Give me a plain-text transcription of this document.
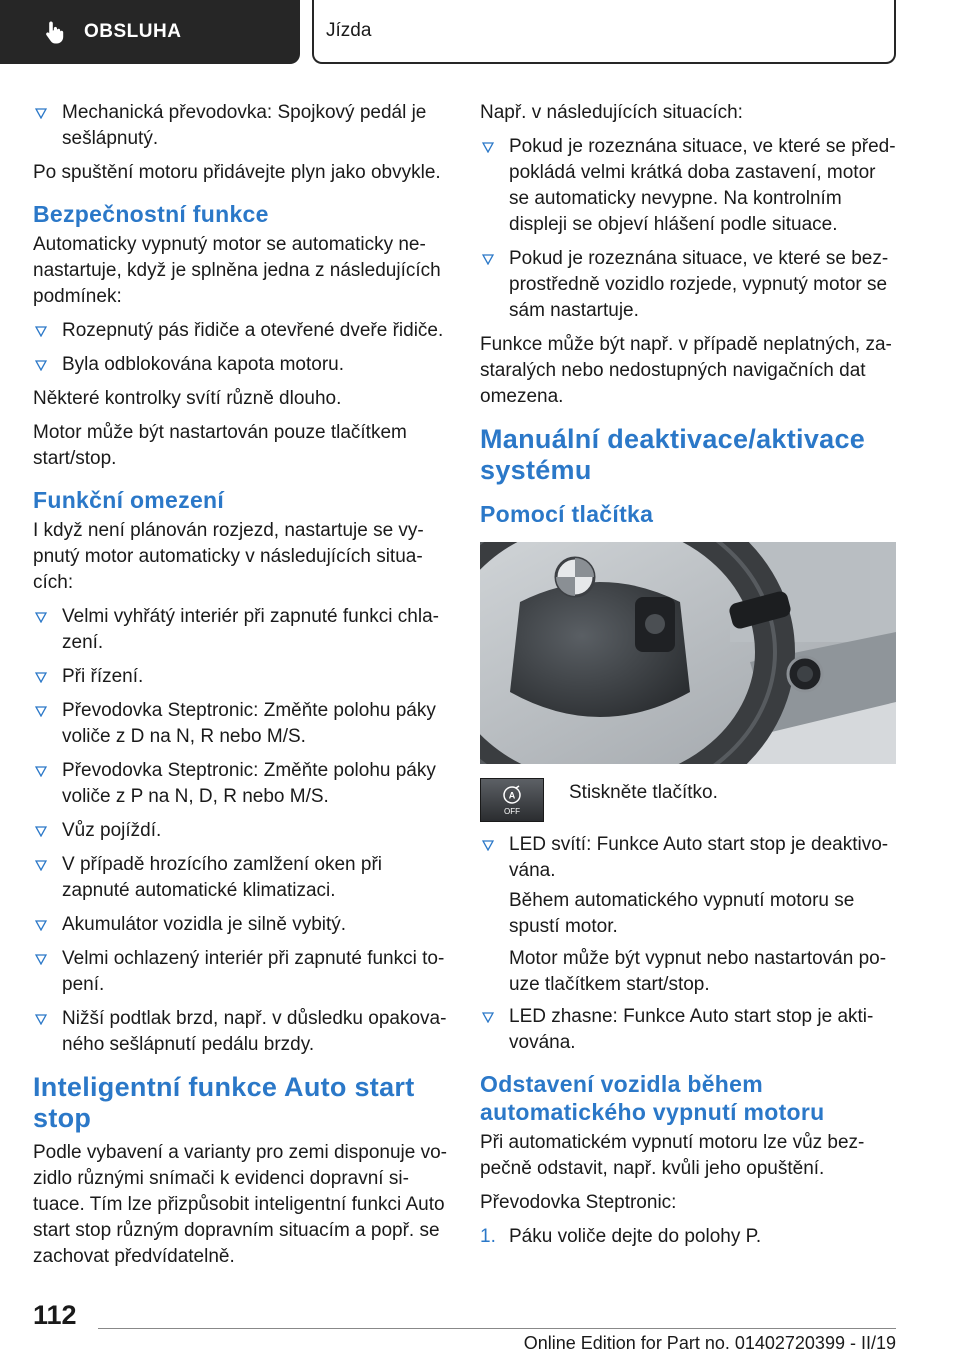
OBSLUHA	Jízda
Mechanická převodovka: Spojkový pedál je sešlápnutý.

Po spuštění motoru přidávejte plyn jako obvykle.

Bezpečnostní funkce

Automaticky vypnutý motor se automaticky ne‐nastartuje, když je splněna jedna z následujících podmínek:

Rozepnutý pás řidiče a otevřené dveře řidiče.
Byla odblokována kapota motoru.

Některé kontrolky svítí různě dlouho.

Motor může být nastartován pouze tlačítkem start/stop.

Funkční omezení

I když není plánován rozjezd, nastartuje se vy‐pnutý motor automaticky v následujících situa‐cích:

Velmi vyhřátý interiér při zapnuté funkci chla‐zení.
Při řízení.
Převodovka Steptronic: Změňte polohu páky voliče z D na N, R nebo M/S.
Převodovka Steptronic: Změňte polohu páky voliče z P na N, D, R nebo M/S.
Vůz pojíždí.
V případě hrozícího zamlžení oken při zapnuté automatické klimatizaci.
Akumulátor vozidla je silně vybitý.
Velmi ochlazený interiér při zapnuté funkci to‐pení.
Nižší podtlak brzd, např. v důsledku opakova‐ného sešlápnutí pedálu brzdy.
Inteligentní funkce Auto start stop

Podle vybavení a varianty pro zemi disponuje vo‐zidlo různými snímači k evidenci dopravní si‐tuace. Tím lze přizpůsobit inteligentní funkci Auto start stop různým dopravním situacím a popř. se zachovat předvídatelně.

Např. v následujících situacích:

Pokud je rozeznána situace, ve které se před‐pokládá velmi krátká doba zastavení, motor se automaticky nevypne. Na kontrolním displeji se objeví hlášení podle situace.
Pokud je rozeznána situace, ve které se bez‐prostředně vozidlo rozjede, vypnutý motor se sám nastartuje.

Funkce může být např. v případě neplatných, za‐staralých nebo nedostupných navigačních dat omezena.

Manuální deaktivace/aktivace systému
Pomocí tlačítka
A
OFF
Stiskněte tlačítko.
LED svítí: Funkce Auto start stop je deaktivo‐vána.

Během automatického vypnutí motoru se spustí motor.

Motor může být vypnut nebo nastartován po‐uze tlačítkem start/stop.

LED zhasne: Funkce Auto start stop je akti‐vována.
Odstavení vozidla během automatického vypnutí motoru

Při automatickém vypnutí motoru lze vůz bez‐pečně odstavit, např. kvůli jeho opuštění.

Převodovka Steptronic:

1. Páku voliče dejte do polohy P.
112
Online Edition for Part no. 01402720399 - II/19
